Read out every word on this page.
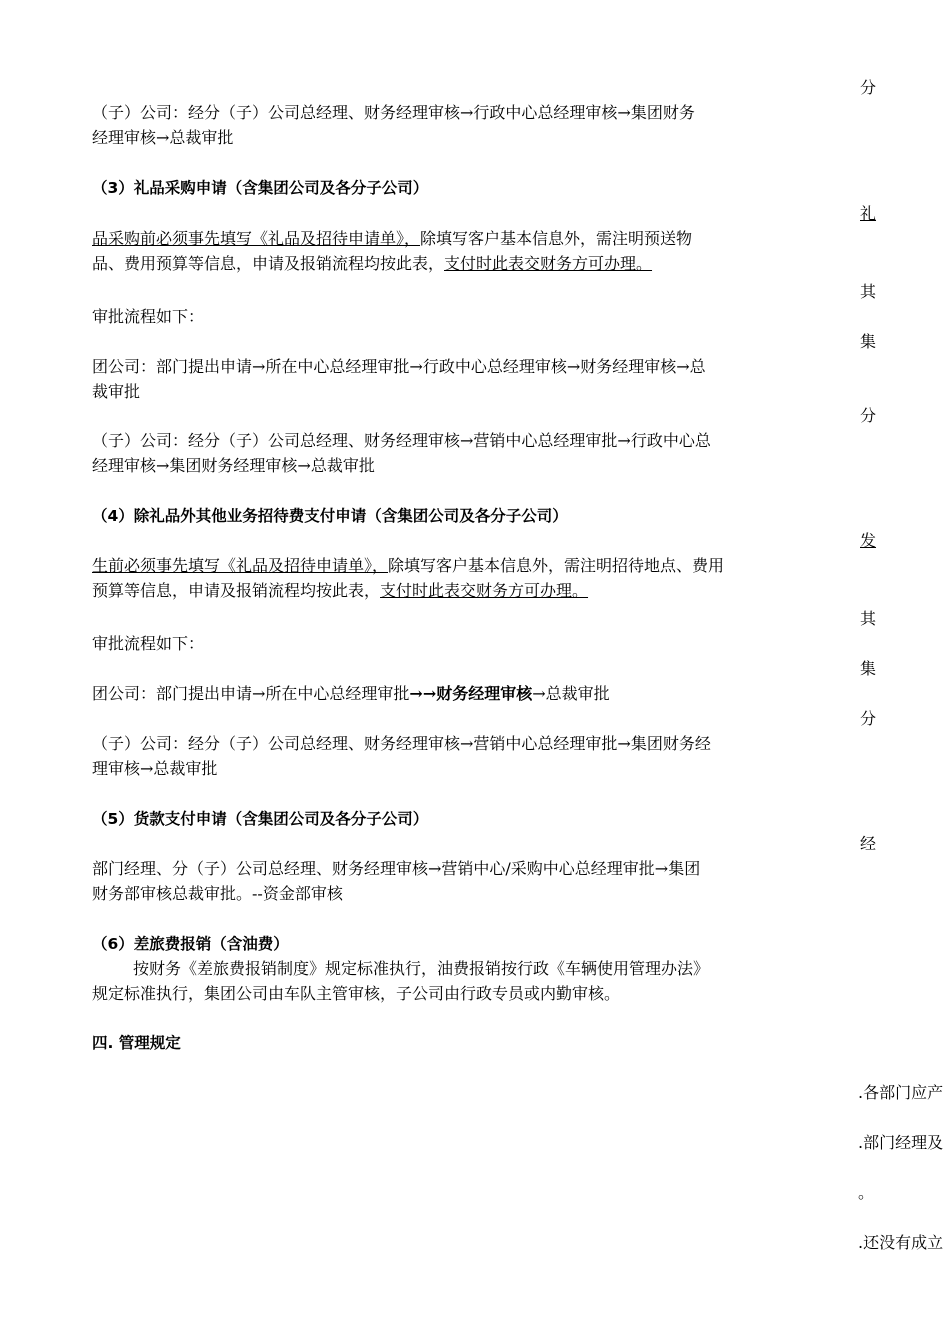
分
（子）公司：经分（子）公司总经理、财务经理审核→行政中心总经理审核→集团财务
经理审核→总裁审批
（3）礼品采购申请（含集团公司及各分子公司）
礼
品采购前必须事先填写《礼品及招待申请单》，除填写客户基本信息外，需注明预送物
品、费用预算等信息，申请及报销流程均按此表，支付时此表交财务方可办理。
其
审批流程如下：
集
团公司：部门提出申请→所在中心总经理审批→行政中心总经理审核→财务经理审核→总
裁审批
分
（子）公司：经分（子）公司总经理、财务经理审核→营销中心总经理审批→行政中心总
经理审核→集团财务经理审核→总裁审批
（4）除礼品外其他业务招待费支付申请（含集团公司及各分子公司）
发
生前必须事先填写《礼品及招待申请单》，除填写客户基本信息外，需注明招待地点、费用
预算等信息，申请及报销流程均按此表，支付时此表交财务方可办理。
其
审批流程如下：
集
团公司：部门提出申请→所在中心总经理审批→→财务经理审核→总裁审批
分
（子）公司：经分（子）公司总经理、财务经理审核→营销中心总经理审批→集团财务经
理审核→总裁审批
（5）货款支付申请（含集团公司及各分子公司）
经
部门经理、分（子）公司总经理、财务经理审核→营销中心/采购中心总经理审批→集团
财务部审核总裁审批。--资金部审核
（6）差旅费报销（含油费）
按财务《差旅费报销制度》规定标准执行，油费报销按行政《车辆使用管理办法》
规定标准执行，集团公司由车队主管审核，子公司由行政专员或内勤审核。
四. 管理规定
.各部门应产
.部门经理及
。
.还没有成立
